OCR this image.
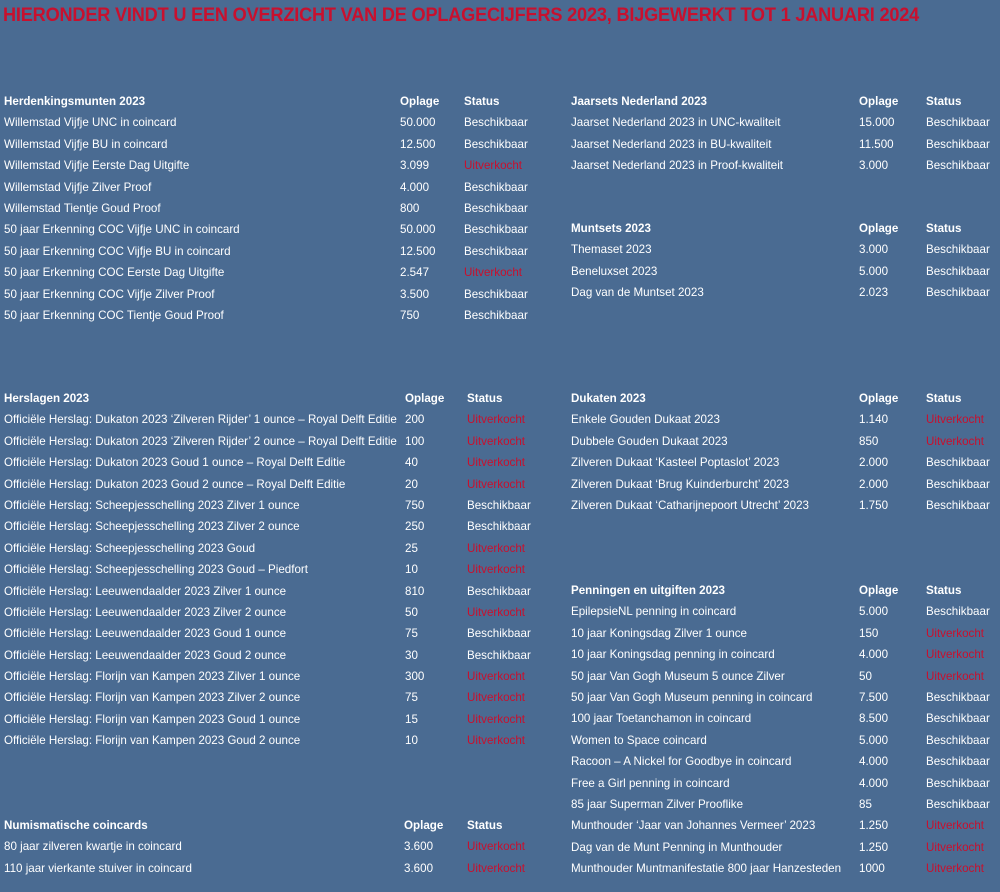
HIERONDER VINDT U EEN OVERZICHT VAN DE OPLAGECIJFERS 2023, BIJGEWERKT TOT 1 JANUARI 2024
Herdenkingsmunten 2023	Oplage Status
Willemstad Vijfje UNC in coincard	50.000 Beschikbaar
Willemstad Vijfje BU in coincard	12.500 Beschikbaar
Willemstad Vijfje Eerste Dag Uitgifte	3.099	Uitverkocht
Willemstad Vijfje Zilver Proof	4.000	Beschikbaar
Willemstad Tientje Goud Proof	800	Beschikbaar
50 jaar Erkenning COC Vijfje UNC in coincard	50.000 Beschikbaar
50 jaar Erkenning COC Vijfje BU in coincard	12.500 Beschikbaar
50 jaar Erkenning COC Eerste Dag Uitgifte	2.547	Uitverkocht
50 jaar Erkenning COC Vijfje Zilver Proof	3.500	Beschikbaar
50 jaar Erkenning COC Tientje Goud Proof	750	Beschikbaar
Jaarsets Nederland 2023	Oplage Status
Jaarset Nederland 2023 in UNC-kwaliteit	15.000	Beschikbaar
Jaarset Nederland 2023 in BU-kwaliteit	11.500	Beschikbaar
Jaarset Nederland 2023 in Proof-kwaliteit	3.000	Beschikbaar
Muntsets 2023	Oplage Status
Themaset 2023	3.000	Beschikbaar
Beneluxset 2023	5.000	Beschikbaar
Dag van de Muntset 2023	2.023	Beschikbaar
Herslagen 2023	Oplage Status
Officiële Herslag: Dukaton 2023 ‘Zilveren Rijder’ 1 ounce – Royal Delft Editie 200	Uitverkocht
Officiële Herslag: Dukaton 2023 ‘Zilveren Rijder’ 2 ounce – Royal Delft Editie 100	Uitverkocht
Officiële Herslag: Dukaton 2023 Goud 1 ounce – Royal Delft Editie	40	Uitverkocht
Officiële Herslag: Dukaton 2023 Goud 2 ounce – Royal Delft Editie	20	Uitverkocht
Officiële Herslag: Scheepjesschelling 2023 Zilver 1 ounce	750	Beschikbaar
Officiële Herslag: Scheepjesschelling 2023 Zilver 2 ounce	250	Beschikbaar
Officiële Herslag: Scheepjesschelling 2023 Goud	25	Uitverkocht
Officiële Herslag: Scheepjesschelling 2023 Goud – Piedfort	10	Uitverkocht
Officiële Herslag: Leeuwendaalder 2023 Zilver 1 ounce	810	Beschikbaar
Officiële Herslag: Leeuwendaalder 2023 Zilver 2 ounce	50	Uitverkocht
Officiële Herslag: Leeuwendaalder 2023 Goud 1 ounce	75	Beschikbaar
Officiële Herslag: Leeuwendaalder 2023 Goud 2 ounce	30	Beschikbaar
Officiële Herslag: Florijn van Kampen 2023 Zilver 1 ounce	300	Uitverkocht
Officiële Herslag: Florijn van Kampen 2023 Zilver 2 ounce	75	Uitverkocht
Officiële Herslag: Florijn van Kampen 2023 Goud 1 ounce	15	Uitverkocht
Officiële Herslag: Florijn van Kampen 2023 Goud 2 ounce	10	Uitverkocht
Dukaten 2023	Oplage Status
Enkele Gouden Dukaat 2023	1.140	Uitverkocht
Dubbele Gouden Dukaat 2023	850	Uitverkocht
Zilveren Dukaat ‘Kasteel Poptaslot’ 2023	2.000	Beschikbaar
Zilveren Dukaat ‘Brug Kuinderburcht’ 2023	2.000	Beschikbaar
Zilveren Dukaat ‘Catharijnepoort Utrecht’ 2023	1.750	Beschikbaar
Penningen en uitgiften 2023	Oplage Status
EpilepsieNL penning in coincard	5.000	Beschikbaar
10 jaar Koningsdag Zilver 1 ounce	150	Uitverkocht
10 jaar Koningsdag penning in coincard	4.000	Uitverkocht
50 jaar Van Gogh Museum 5 ounce Zilver	50	Uitverkocht
50 jaar Van Gogh Museum penning in coincard	7.500	Beschikbaar
100 jaar Toetanchamon in coincard	8.500	Beschikbaar
Women to Space coincard	5.000	Beschikbaar
Racoon – A Nickel for Goodbye in coincard	4.000	Beschikbaar
Free a Girl penning in coincard	4.000	Beschikbaar
85 jaar Superman Zilver Prooflike	85	Beschikbaar
Munthouder ‘Jaar van Johannes Vermeer’ 2023	1.250	Uitverkocht
Dag van de Munt Penning in Munthouder	1.250	Uitverkocht
Munthouder Muntmanifestatie 800 jaar Hanzesteden 1000	Uitverkocht
Numismatische coincards	Oplage Status
80 jaar zilveren kwartje in coincard	3.600	Uitverkocht
110 jaar vierkante stuiver in coincard	3.600	Uitverkocht
